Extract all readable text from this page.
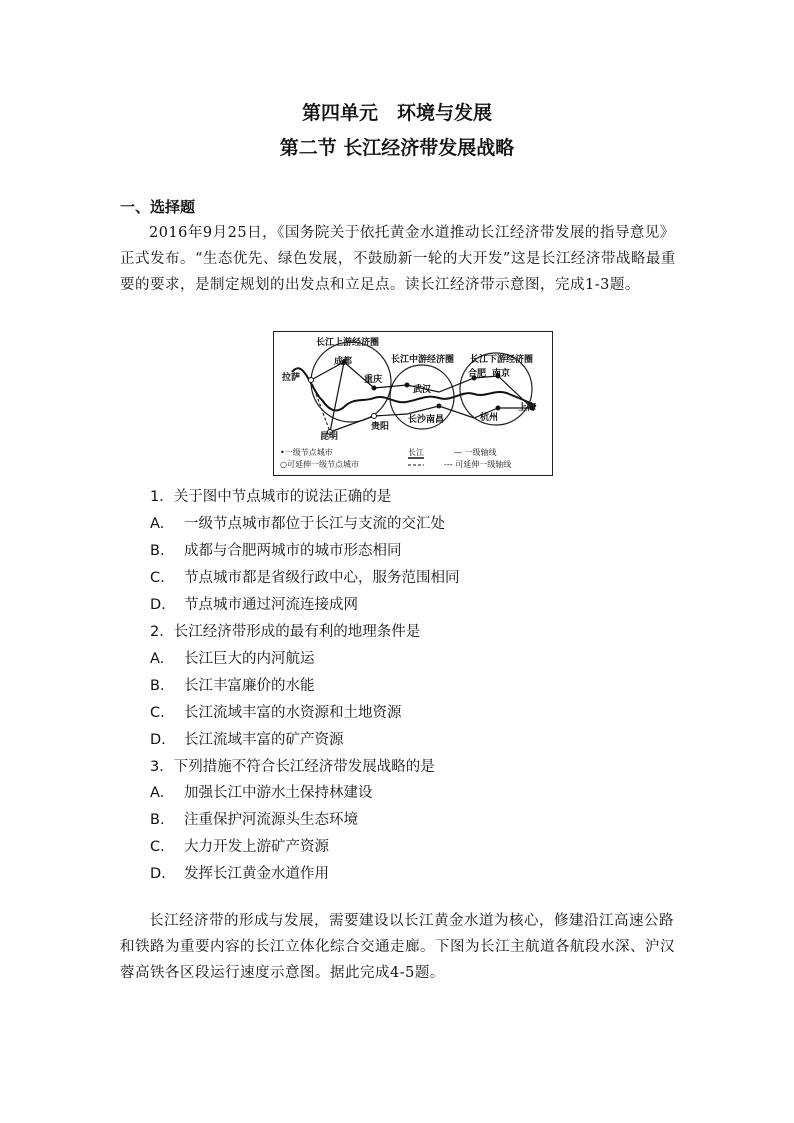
第四单元　环境与发展
第二节 长江经济带发展战略
一、选择题
2016年9月25日，《国务院关于依托黄金水道推动长江经济带发展的指导意见》正式发布。“生态优先、绿色发展，不鼓励新一轮的大开发”这是长江经济带战略最重要的要求，是制定规划的出发点和立足点。读长江经济带示意图，完成1-3题。
长江上游经济圈
长江中游经济圈 长江下游经济圈
成都
拉萨	重庆
昆明
贵阳
武汉
长沙南昌
合肥 南京
杭州
上海
•一级节点城市
○可延伸一级节点城市
长江	— 一级轴线
--- 可延伸一级轴线
1．关于图中节点城市的说法正确的是
A. 一级节点城市都位于长江与支流的交汇处
B. 成都与合肥两城市的城市形态相同
C. 节点城市都是省级行政中心，服务范围相同
D. 节点城市通过河流连接成网
2．长江经济带形成的最有利的地理条件是
A. 长江巨大的内河航运
B. 长江丰富廉价的水能
C. 长江流域丰富的水资源和土地资源
D. 长江流域丰富的矿产资源
3．下列措施不符合长江经济带发展战略的是
A. 加强长江中游水土保持林建设
B. 注重保护河流源头生态环境
C. 大力开发上游矿产资源
D. 发挥长江黄金水道作用
长江经济带的形成与发展，需要建设以长江黄金水道为核心，修建沿江高速公路和铁路为重要内容的长江立体化综合交通走廊。下图为长江主航道各航段水深、沪汉蓉高铁各区段运行速度示意图。据此完成4-5题。
